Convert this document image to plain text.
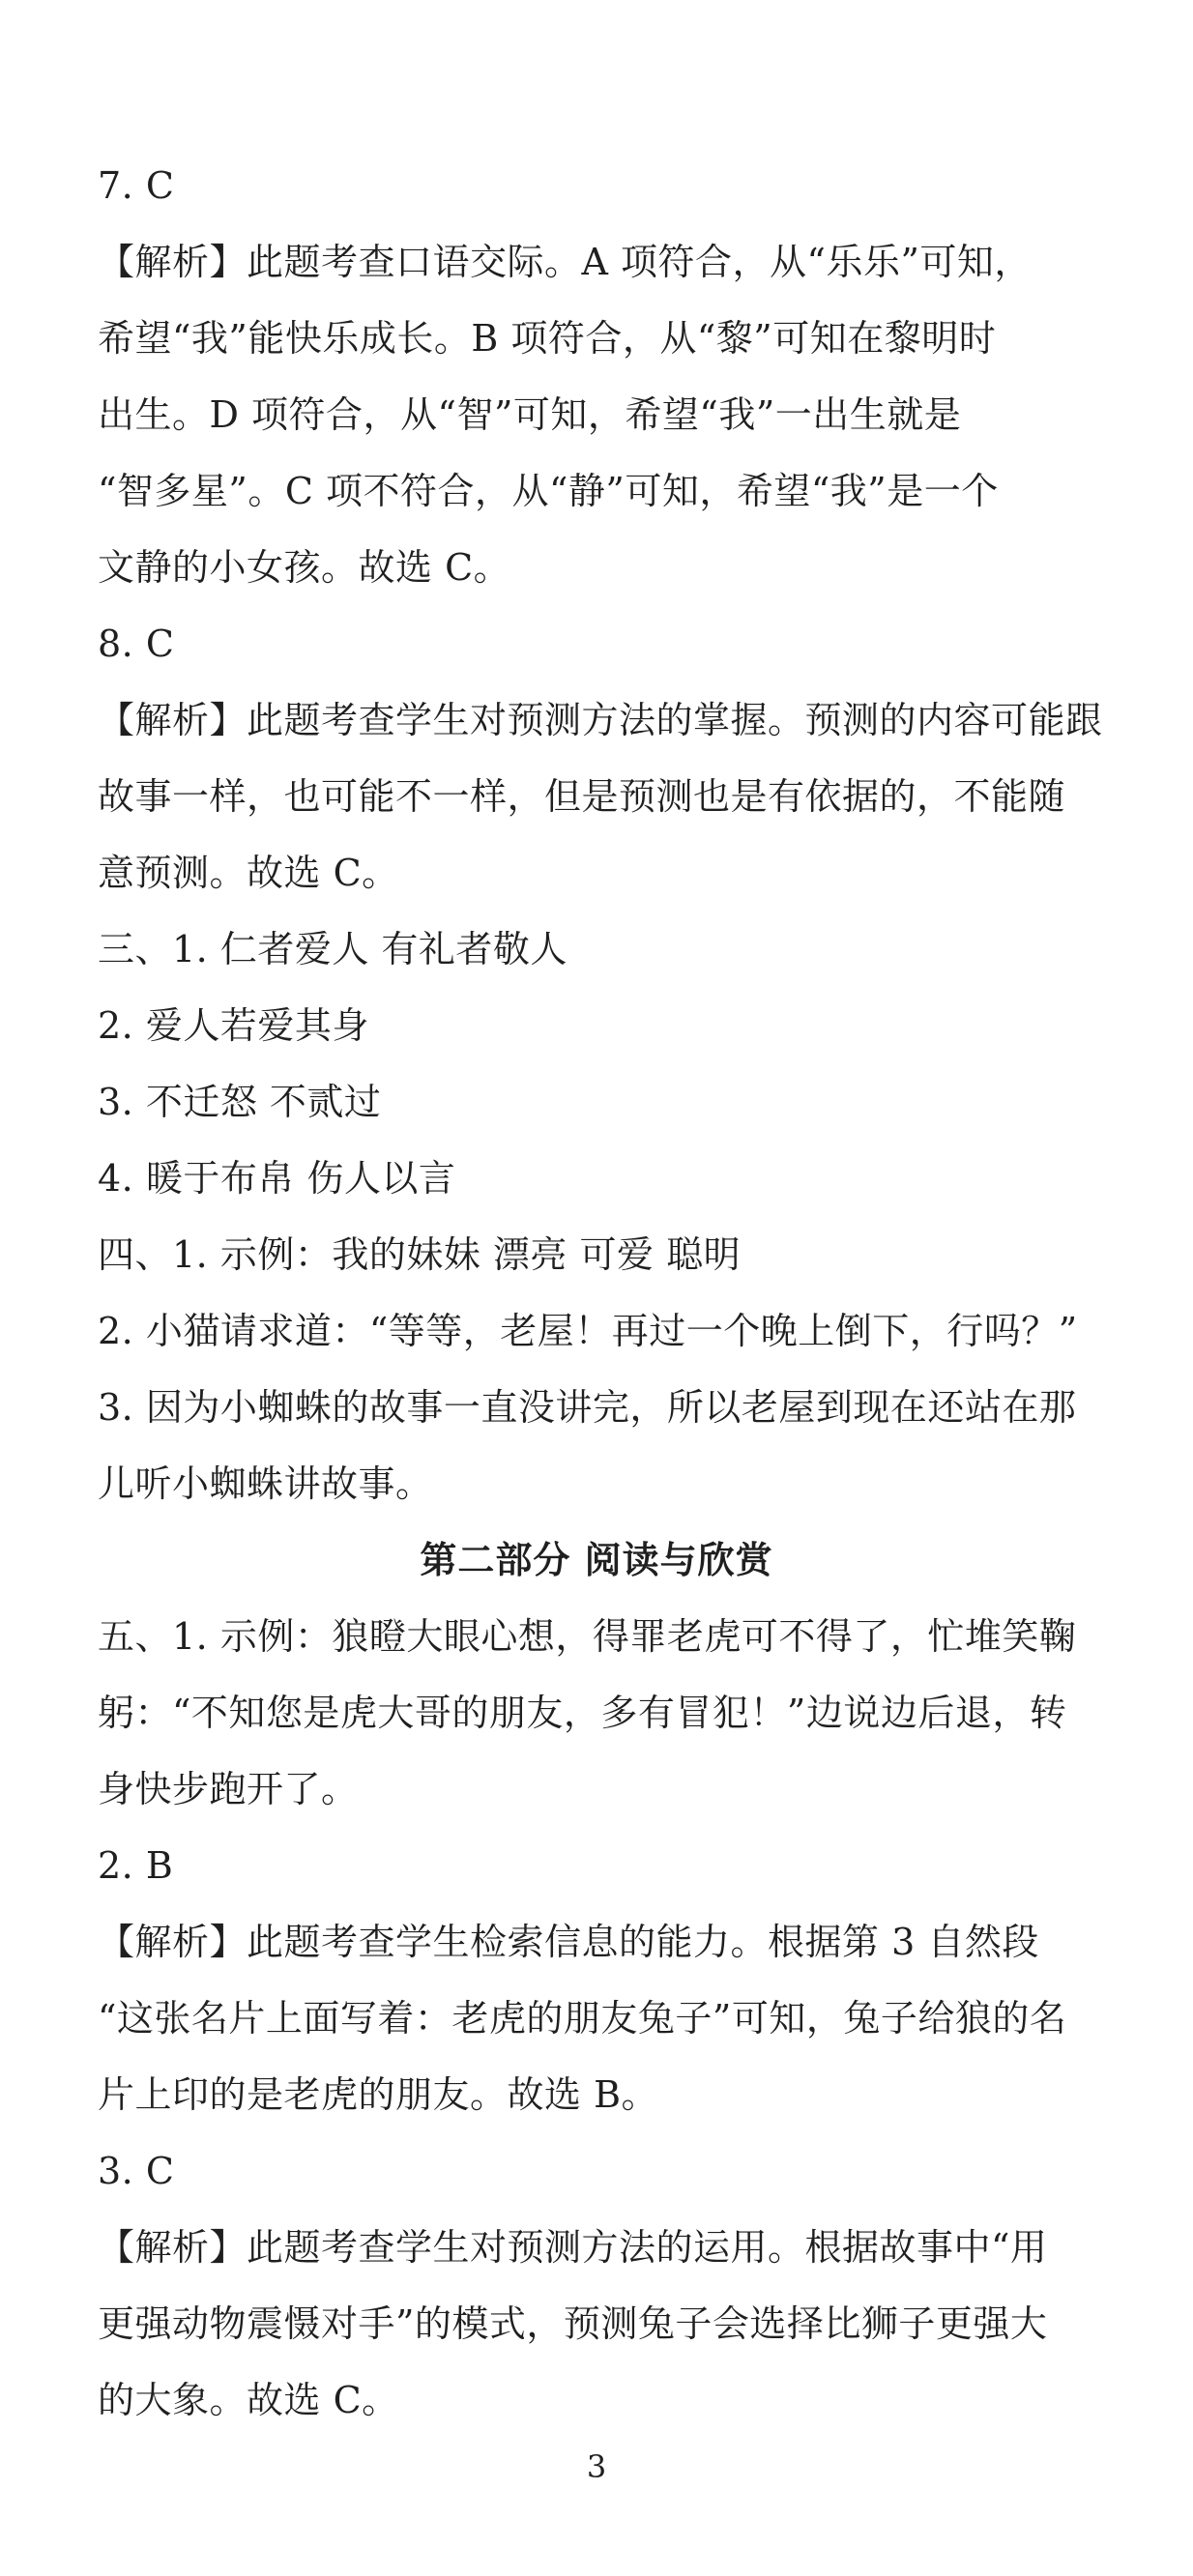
7. C
【解析】此题考查口语交际。A 项符合，从“乐乐”可知，
希望“我”能快乐成长。B 项符合，从“黎”可知在黎明时
出生。D 项符合，从“智”可知，希望“我”一出生就是
“智多星”。C 项不符合，从“静”可知，希望“我”是一个
文静的小女孩。故选 C。
8. C
【解析】此题考查学生对预测方法的掌握。预测的内容可能跟
故事一样，也可能不一样，但是预测也是有依据的，不能随
意预测。故选 C。
三、1. 仁者爱人 有礼者敬人
2. 爱人若爱其身
3. 不迁怒 不贰过
4. 暖于布帛 伤人以言
四、1. 示例：我的妹妹 漂亮 可爱 聪明
2. 小猫请求道：“等等，老屋！再过一个晚上倒下，行吗？”
3. 因为小蜘蛛的故事一直没讲完，所以老屋到现在还站在那
儿听小蜘蛛讲故事。
第二部分 阅读与欣赏
五、1. 示例：狼瞪大眼心想，得罪老虎可不得了，忙堆笑鞠
躬：“不知您是虎大哥的朋友，多有冒犯！”边说边后退，转
身快步跑开了。
2. B
【解析】此题考查学生检索信息的能力。根据第 3 自然段
“这张名片上面写着：老虎的朋友兔子”可知，兔子给狼的名
片上印的是老虎的朋友。故选 B。
3. C
【解析】此题考查学生对预测方法的运用。根据故事中“用
更强动物震慑对手”的模式，预测兔子会选择比狮子更强大
的大象。故选 C。
3
